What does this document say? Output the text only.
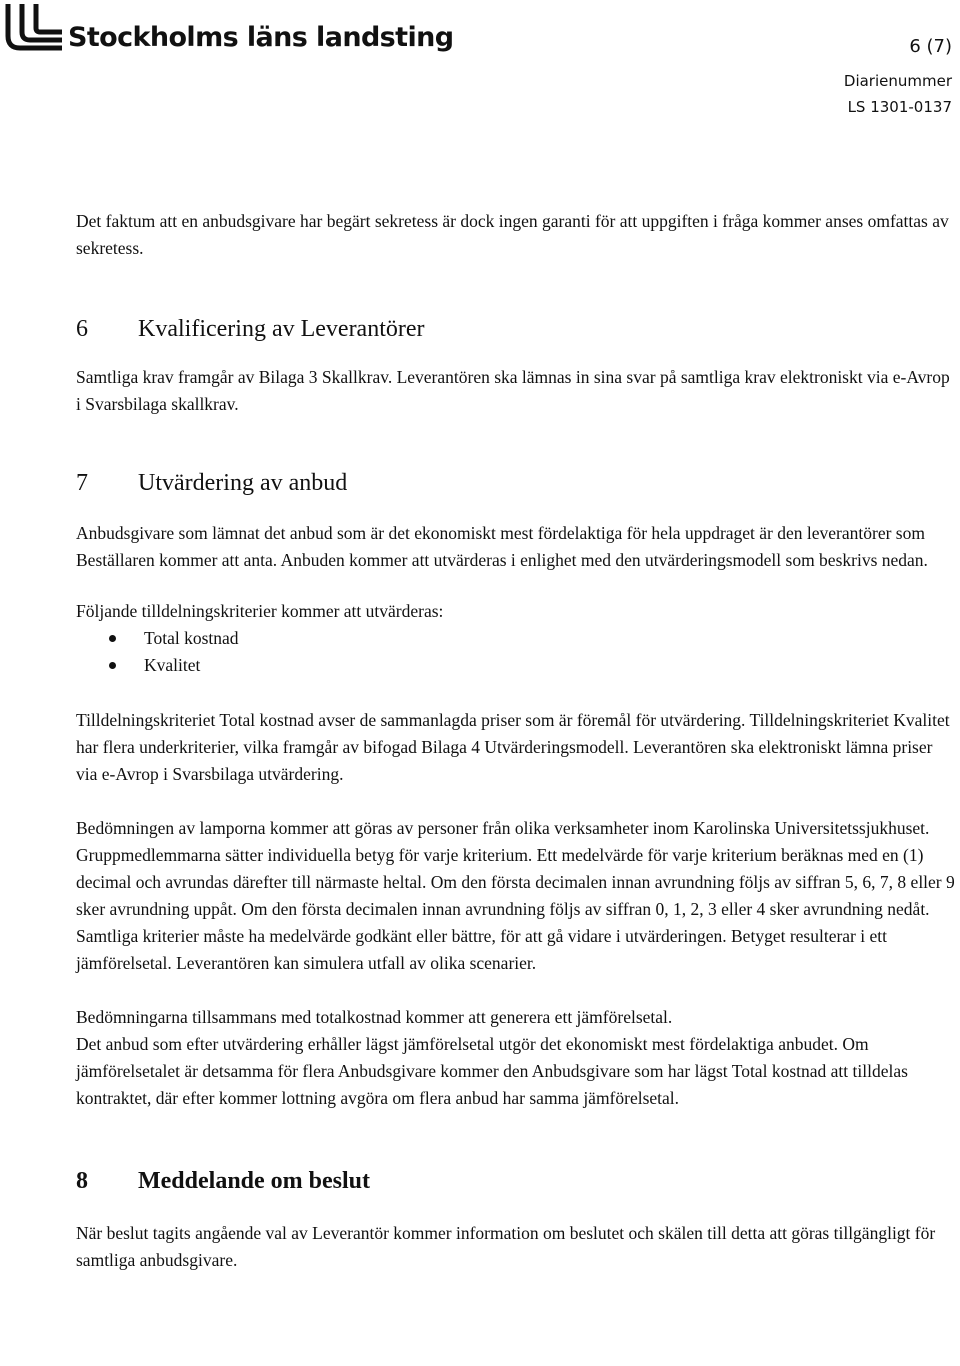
Stockholms läns landsting	6 (7)
Diarienummer
LS 1301-0137

Det faktum att en anbudsgivare har begärt sekretess är dock ingen garanti för att uppgiften i fråga kommer anses omfattas av sekretess.

6	Kvalificering av Leverantörer

Samtliga krav framgår av Bilaga 3 Skallkrav. Leverantören ska lämnas in sina svar på samtliga krav elektroniskt via e-Avrop i Svarsbilaga skallkrav.

7	Utvärdering av anbud

Anbudsgivare som lämnat det anbud som är det ekonomiskt mest fördelaktiga för hela uppdraget är den leverantörer som Beställaren kommer att anta. Anbuden kommer att utvärderas i enlighet med den utvärderingsmodell som beskrivs nedan.

Följande tilldelningskriterier kommer att utvärderas:

Total kostnad
Kvalitet

Tilldelningskriteriet Total kostnad avser de sammanlagda priser som är föremål för utvärdering. Tilldelningskriteriet Kvalitet har flera underkriterier, vilka framgår av bifogad Bilaga 4 Utvärderingsmodell. Leverantören ska elektroniskt lämna priser via e-Avrop i Svarsbilaga utvärdering.

Bedömningen av lamporna kommer att göras av personer från olika verksamheter inom Karolinska Universitetssjukhuset. Gruppmedlemmarna sätter individuella betyg för varje kriterium. Ett medelvärde för varje kriterium beräknas med en (1) decimal och avrundas därefter till närmaste heltal. Om den första decimalen innan avrundning följs av siffran 5, 6, 7, 8 eller 9 sker avrundning uppåt. Om den första decimalen innan avrundning följs av siffran 0, 1, 2, 3 eller 4 sker avrundning nedåt. Samtliga kriterier måste ha medelvärde godkänt eller bättre, för att gå vidare i utvärderingen. Betyget resulterar i ett jämförelsetal. Leverantören kan simulera utfall av olika scenarier.

Bedömningarna tillsammans med totalkostnad kommer att generera ett jämförelsetal.

Det anbud som efter utvärdering erhåller lägst jämförelsetal utgör det ekonomiskt mest fördelaktiga anbudet. Om jämförelsetalet är detsamma för flera Anbudsgivare kommer den Anbudsgivare som har lägst Total kostnad att tilldelas kontraktet, där efter kommer lottning avgöra om flera anbud har samma jämförelsetal.

8	Meddelande om beslut

När beslut tagits angående val av Leverantör kommer information om beslutet och skälen till detta att göras tillgängligt för samtliga anbudsgivare.
